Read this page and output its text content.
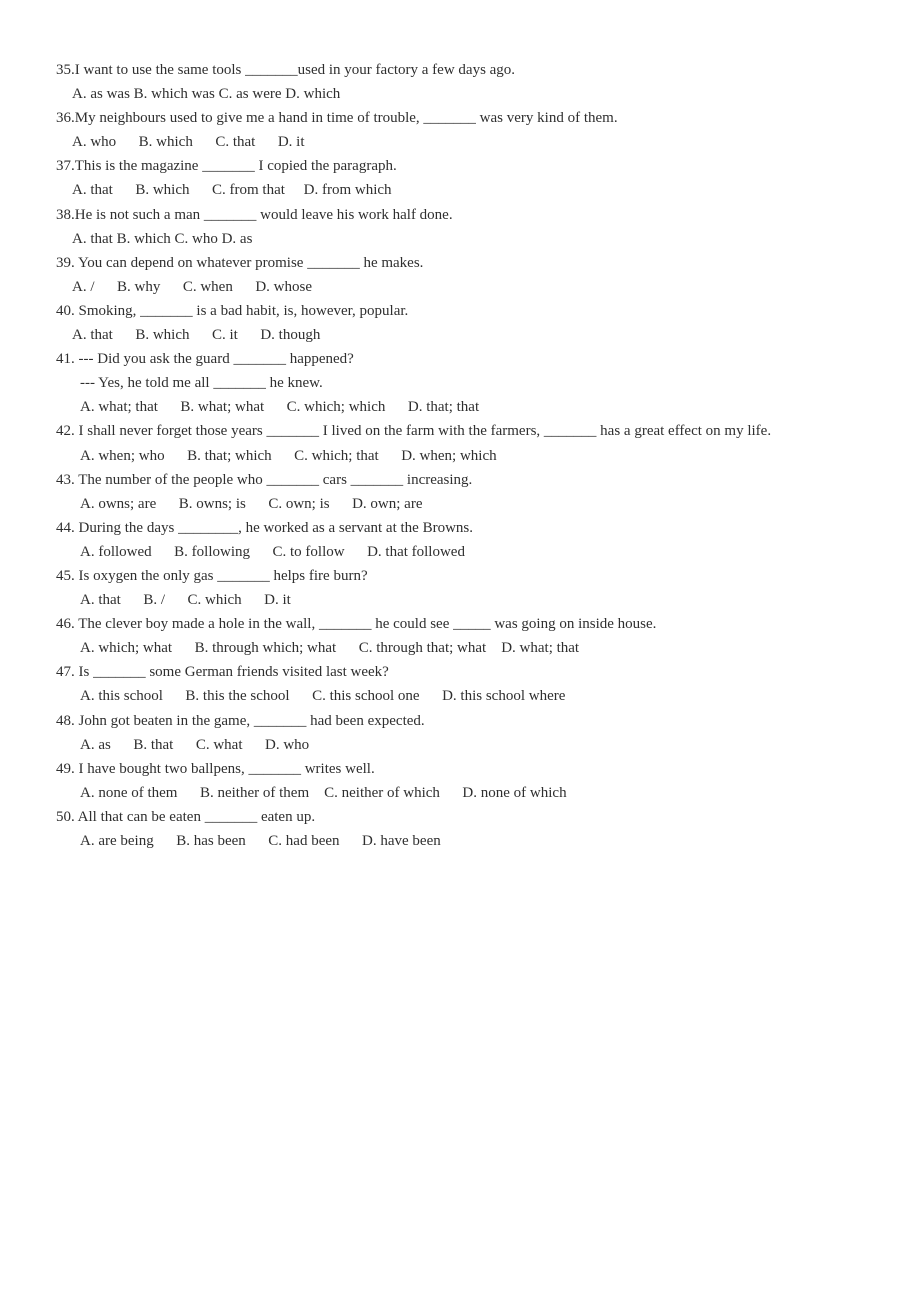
35.I want to use the same tools _______used in your factory a few days ago.
A. as was B. which was C. as were D. which
36.My neighbours used to give me a hand in time of trouble, _______ was very kind of them.
A. who      B. which      C. that      D. it
37.This is the magazine _______ I copied the paragraph.
A. that      B. which      C. from that     D. from which
38.He is not such a man _______ would leave his work half done.
A. that B. which C. who D. as
39. You can depend on whatever promise _______ he makes.
A. /      B. why      C. when      D. whose
40. Smoking, _______ is a bad habit, is, however, popular.
A. that      B. which      C. it      D. though
41. --- Did you ask the guard _______ happened?
--- Yes, he told me all _______ he knew.
A. what; that      B. what; what      C. which; which      D. that; that
42. I shall never forget those years _______ I lived on the farm with the farmers, _______ has a great effect on my life.
A. when; who      B. that; which      C. which; that      D. when; which
43. The number of the people who _______ cars _______ increasing.
A. owns; are      B. owns; is      C. own; is      D. own; are
44. During the days ________, he worked as a servant at the Browns.
A. followed      B. following      C. to follow      D. that followed
45. Is oxygen the only gas _______ helps fire burn?
A. that      B. /      C. which      D. it
46. The clever boy made a hole in the wall, _______ he could see _____ was going on inside house.
A. which; what      B. through which; what      C. through that; what    D. what; that
47. Is _______ some German friends visited last week?
A. this school      B. this the school      C. this school one      D. this school where
48. John got beaten in the game, _______ had been expected.
A. as      B. that      C. what      D. who
49. I have bought two ballpens, _______ writes well.
A. none of them      B. neither of them    C. neither of which      D. none of which
50. All that can be eaten _______ eaten up.
A. are being      B. has been      C. had been      D. have been
